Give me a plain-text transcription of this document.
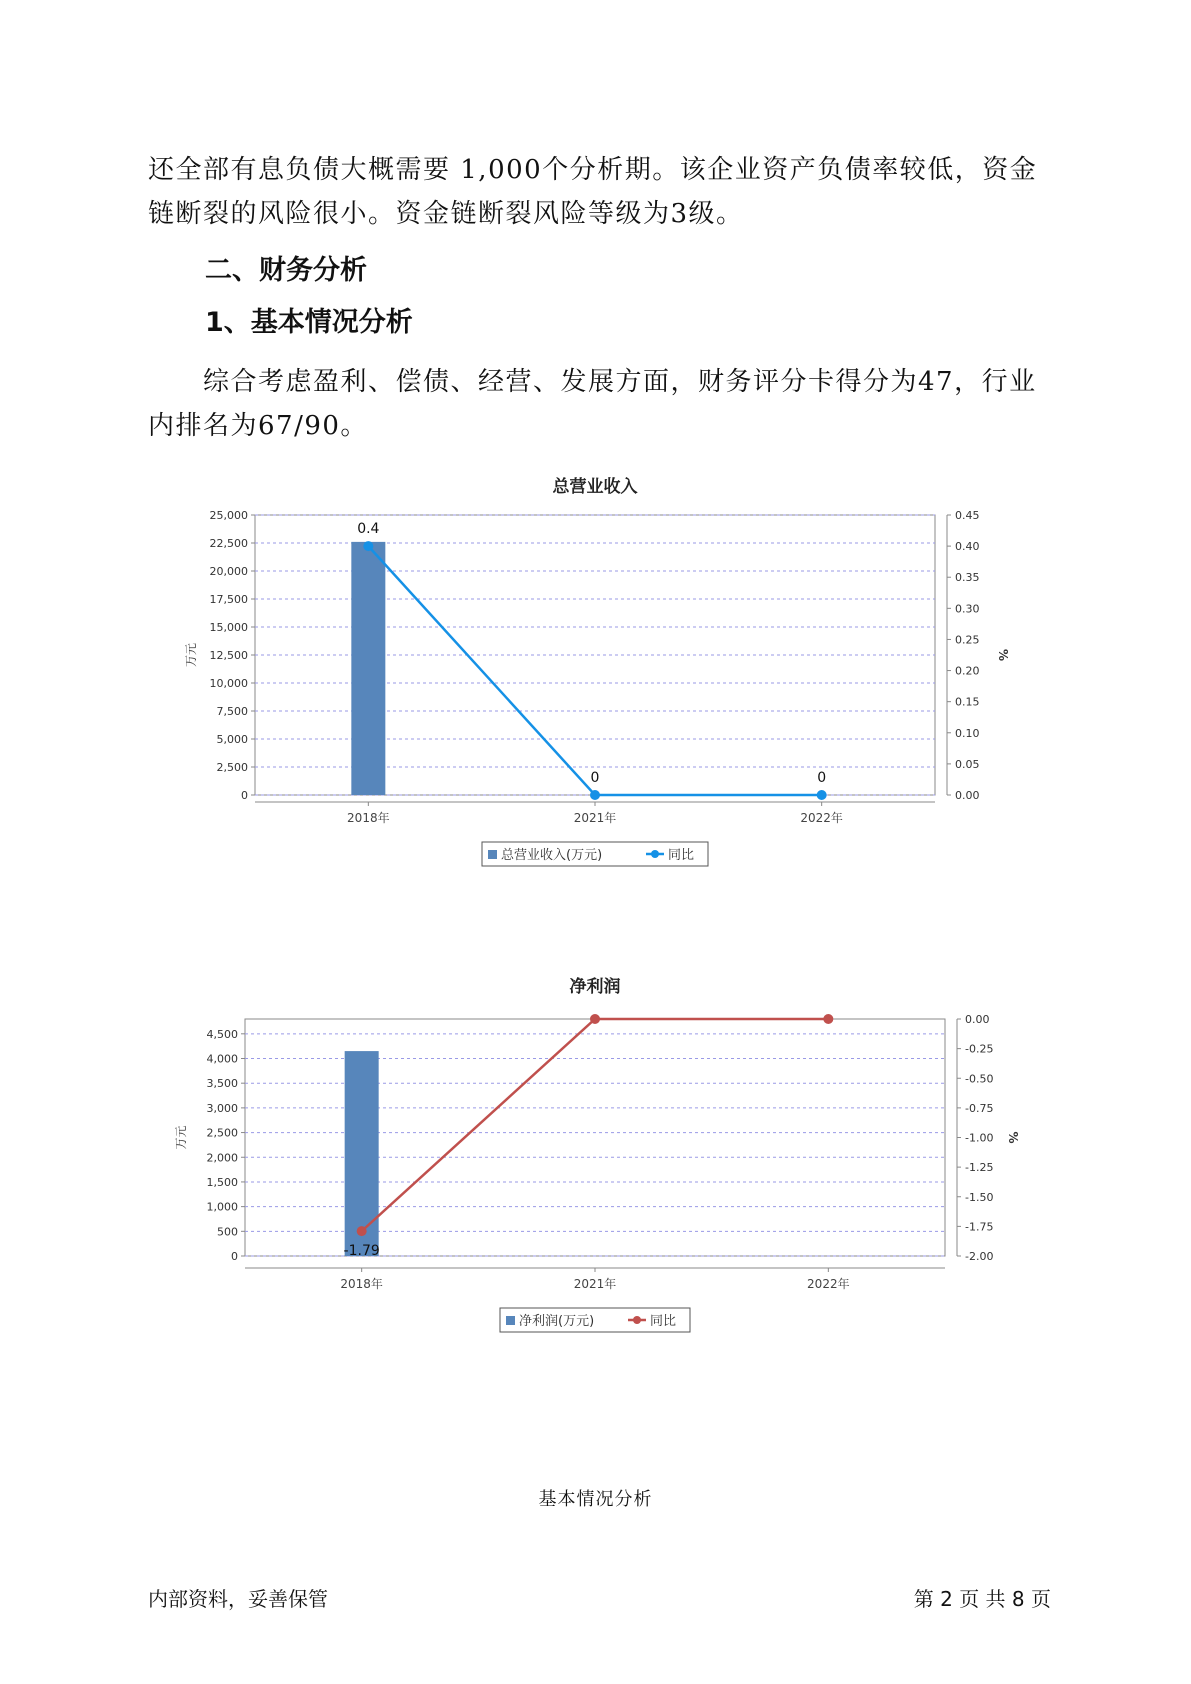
还全部有息负债大概需要 1,000个分析期。该企业资产负债率较低，资金链断裂的风险很小。资金链断裂风险等级为3级。

二、财务分析
1、基本情况分析

　　综合考虑盈利、偿债、经营、发展方面，财务评分卡得分为47，行业内排名为67/90。

总营业收入
0
2,500
5,000
7,500
10,000
12,500
15,000
17,500
20,000
22,500
25,000
0.00
0.05
0.10
0.15
0.20
0.25
0.30
0.35
0.40
0.45
万元	%
2018年	2021年	2022年
0.4
0	0
总营业收入(万元)	同比
净利润
0
500
1,000
1,500
2,000
2,500
3,000
3,500
4,000
4,500
-2.00
-1.75
-1.50
-1.25
-1.00
-0.75
-0.50
-0.25
0.00
万元	%
2018年	2021年	2022年
-1.79
净利润(万元)	同比
基本情况分析
内部资料，妥善保管	第 2 页 共 8 页
